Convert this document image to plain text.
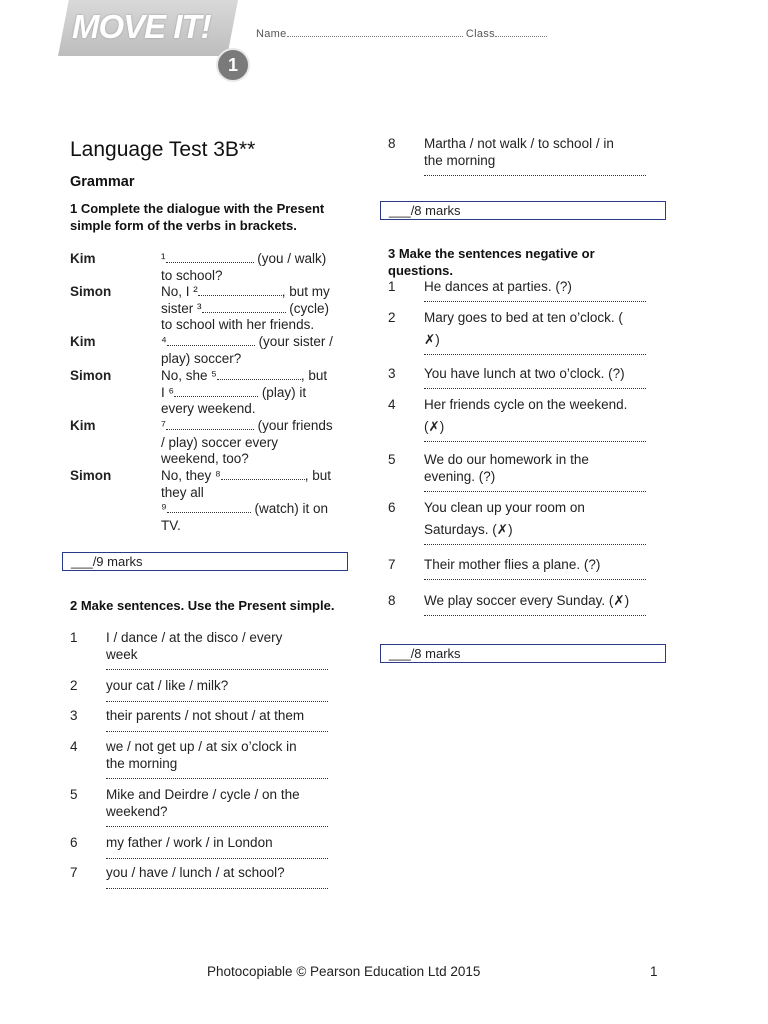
MOVE IT!
1
Name	Class
Language Test 3B**
Grammar
1 Complete the dialogue with the Present simple form of the verbs in brackets.
Kim	¹	(you / walk)
to school?
Simon	No, I ²	, but my
sister ³	(cycle)
to school with her friends.
Kim	⁴	(your sister /
play) soccer?
Simon	No, she ⁵	, but
I ⁶	(play) it
every weekend.
Kim	⁷	(your friends
/ play) soccer every
weekend, too?
Simon	No, they ⁸	, but
they all
⁹	(watch) it on
TV.
___/9 marks
2 Make sentences. Use the Present simple.
1 I / dance / at the disco / every
week
2 your cat / like / milk?
3 their parents / not shout / at them
4 we / not get up / at six o’clock in
the morning
5 Mike and Deirdre / cycle / on the
weekend?
6 my father / work / in London
7 you / have / lunch / at school?
8 Martha / not walk / to school / in
the morning
___/8 marks
3 Make the sentences negative or questions.
1 He dances at parties. (?)
2 Mary goes to bed at ten o’clock. (
✗)
3 You have lunch at two o’clock. (?)
4 Her friends cycle on the weekend.
(✗)
5 We do our homework in the
evening. (?)
6 You clean up your room on
Saturdays. (✗)
7 Their mother flies a plane. (?)
8 We play soccer every Sunday. (✗)
___/8 marks
Photocopiable © Pearson Education Ltd 2015	1
